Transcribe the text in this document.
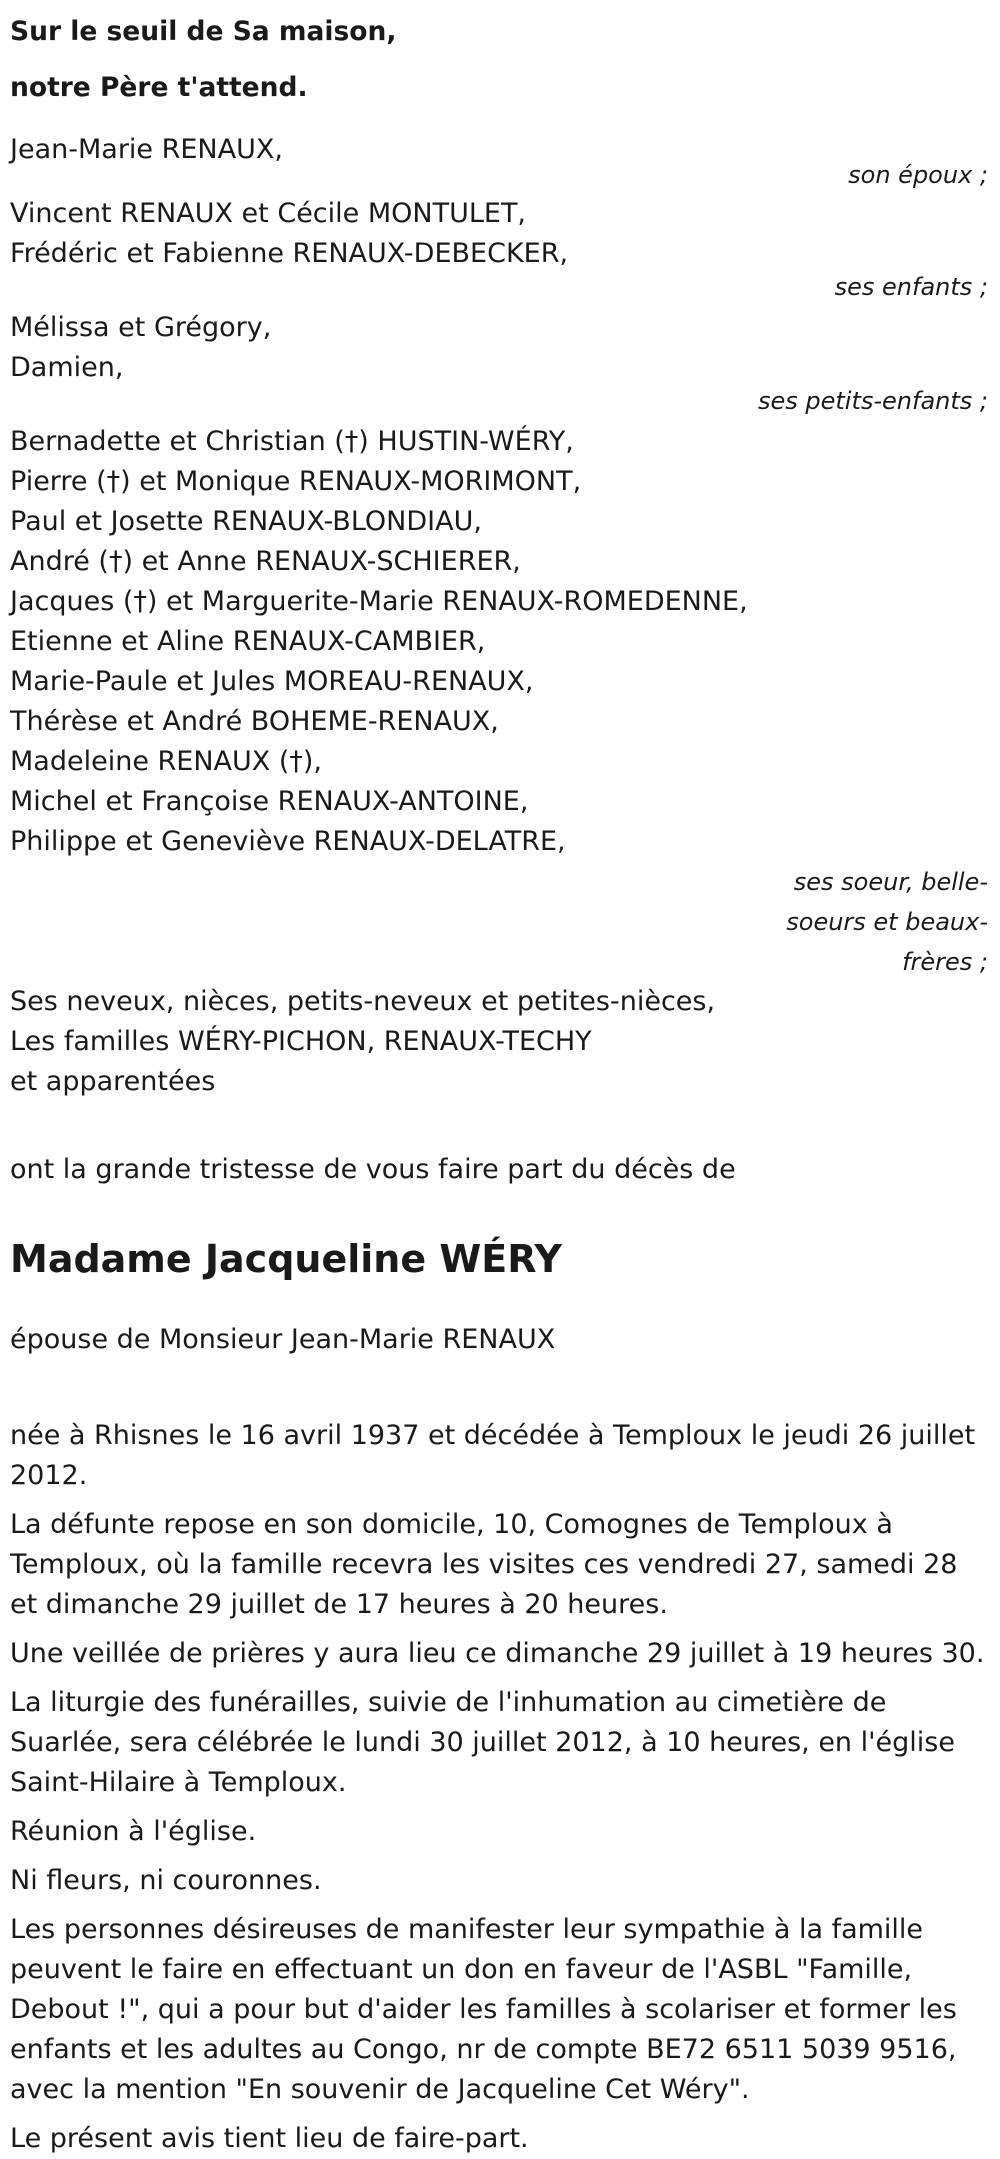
Sur le seuil de Sa maison,
notre Père t'attend.
Jean-Marie RENAUX,
son époux ;
Vincent RENAUX et Cécile MONTULET,
Frédéric et Fabienne RENAUX-DEBECKER,
ses enfants ;
Mélissa et Grégory,
Damien,
ses petits-enfants ;
Bernadette et Christian (†) HUSTIN-WÉRY,
Pierre (†) et Monique RENAUX-MORIMONT,
Paul et Josette RENAUX-BLONDIAU,
André (†) et Anne RENAUX-SCHIERER,
Jacques (†) et Marguerite-Marie RENAUX-ROMEDENNE,
Etienne et Aline RENAUX-CAMBIER,
Marie-Paule et Jules MOREAU-RENAUX,
Thérèse et André BOHEME-RENAUX,
Madeleine RENAUX (†),
Michel et Françoise RENAUX-ANTOINE,
Philippe et Geneviève RENAUX-DELATRE,
ses soeur, belle-
soeurs et beaux-
frères ;
Ses neveux, nièces, petits-neveux et petites-nièces,
Les familles WÉRY-PICHON, RENAUX-TECHY
et apparentées
ont la grande tristesse de vous faire part du décès de
Madame Jacqueline WÉRY
épouse de Monsieur Jean-Marie RENAUX
née à Rhisnes le 16 avril 1937 et décédée à Temploux le jeudi 26 juillet 2012.
La défunte repose en son domicile, 10, Comognes de Temploux à Temploux, où la famille recevra les visites ces vendredi 27, samedi 28 et dimanche 29 juillet de 17 heures à 20 heures.
Une veillée de prières y aura lieu ce dimanche 29 juillet à 19 heures 30.
La liturgie des funérailles, suivie de l'inhumation au cimetière de Suarlée, sera célébrée le lundi 30 juillet 2012, à 10 heures, en l'église Saint-Hilaire à Temploux.
Réunion à l'église.
Ni fleurs, ni couronnes.
Les personnes désireuses de manifester leur sympathie à la famille peuvent le faire en effectuant un don en faveur de l'ASBL "Famille, Debout !", qui a pour but d'aider les familles à scolariser et former les enfants et les adultes au Congo, nr de compte BE72 6511 5039 9516, avec la mention "En souvenir de Jacqueline Cet Wéry".
Le présent avis tient lieu de faire-part.
